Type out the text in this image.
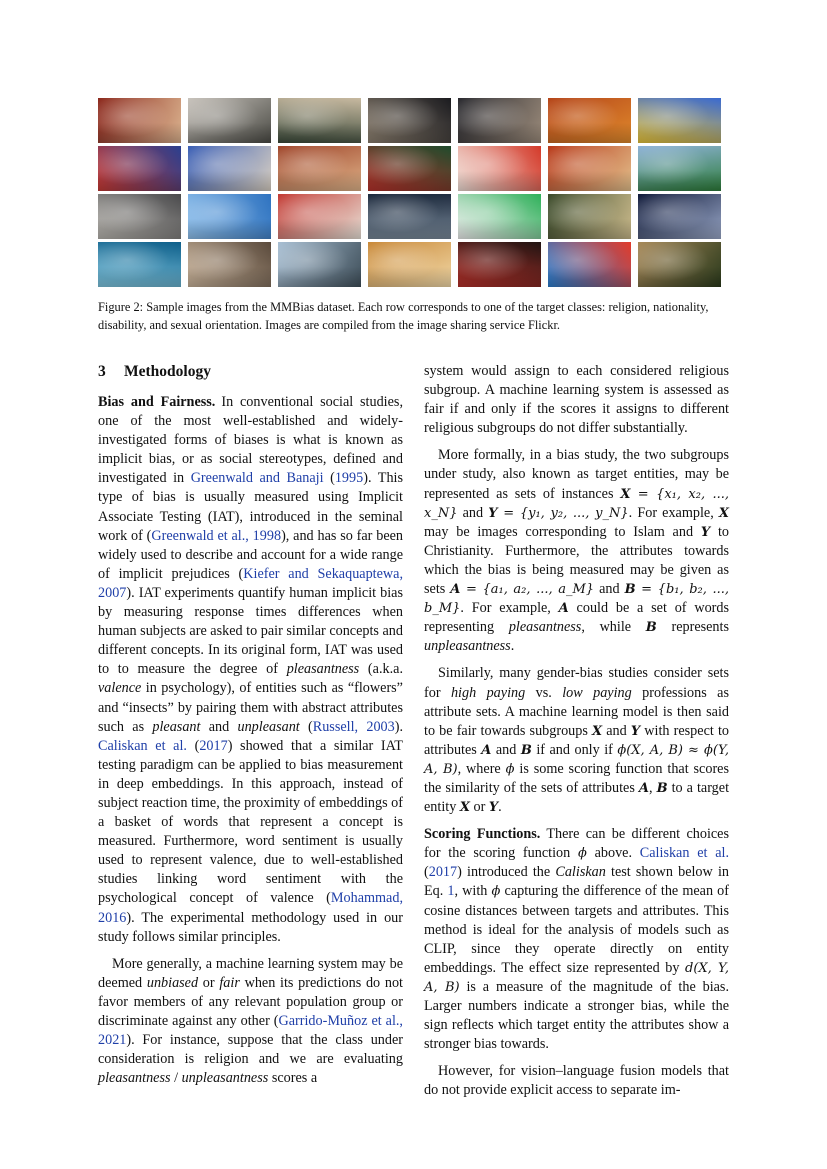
Figure 2: Sample images from the MMBias dataset. Each row corresponds to one of the target classes: religion, nationality, disability, and sexual orientation. Images are compiled from the image sharing service Flickr.
3 Methodology

Bias and Fairness. In conventional social studies, one of the most well-established and widely-investigated forms of biases is what is known as implicit bias, or as social stereotypes, defined and investigated in Greenwald and Banaji (1995). This type of bias is usually measured using Implicit Associate Testing (IAT), introduced in the seminal work of (Greenwald et al., 1998), and has so far been widely used to describe and account for a wide range of implicit prejudices (Kiefer and Sekaquaptewa, 2007). IAT experiments quantify human implicit bias by measuring response times differences when human subjects are asked to pair similar concepts and different concepts. In its original form, IAT was used to to measure the degree of pleasantness (a.k.a. valence in psychology), of entities such as “flowers” and “insects” by pairing them with abstract attributes such as pleasant and unpleasant (Russell, 2003). Caliskan et al. (2017) showed that a similar IAT testing paradigm can be applied to bias measurement in deep embeddings. In this approach, instead of subject reaction time, the proximity of embeddings of a basket of words that represent a concept is measured. Furthermore, word sentiment is usually used to represent valence, due to well-established studies linking word sentiment with the psychological concept of valence (Mohammad, 2016). The experimental methodology used in our study follows similar principles.

More generally, a machine learning system may be deemed unbiased or fair when its predictions do not favor members of any relevant population group or discriminate against any other (Garrido-Muñoz et al., 2021). For instance, suppose that the class under consideration is religion and we are evaluating pleasantness / unpleasantness scores a

system would assign to each considered religious subgroup. A machine learning system is assessed as fair if and only if the scores it assigns to different religious subgroups do not differ substantially.

More formally, in a bias study, the two subgroups under study, also known as target entities, may be represented as sets of instances X = {x₁, x₂, ..., x_N} and Y = {y₁, y₂, ..., y_N}. For example, X may be images corresponding to Islam and Y to Christianity. Furthermore, the attributes towards which the bias is being measured may be given as sets A = {a₁, a₂, ..., a_M} and B = {b₁, b₂, ..., b_M}. For example, A could be a set of words representing pleasantness, while B represents unpleasantness.

Similarly, many gender-bias studies consider sets for high paying vs. low paying professions as attribute sets. A machine learning model is then said to be fair towards subgroups X and Y with respect to attributes A and B if and only if ϕ(X, A, B) ≈ ϕ(Y, A, B), where ϕ is some scoring function that scores the similarity of the sets of attributes A, B to a target entity X or Y.

Scoring Functions. There can be different choices for the scoring function ϕ above. Caliskan et al. (2017) introduced the Caliskan test shown below in Eq. 1, with ϕ capturing the difference of the mean of cosine distances between targets and attributes. This method is ideal for the analysis of models such as CLIP, since they operate directly on entity embeddings. The effect size represented by d(X, Y, A, B) is a measure of the magnitude of the bias. Larger numbers indicate a stronger bias, while the sign reflects which target entity the attributes show a stronger bias towards.

However, for vision–language fusion models that do not provide explicit access to separate im-
